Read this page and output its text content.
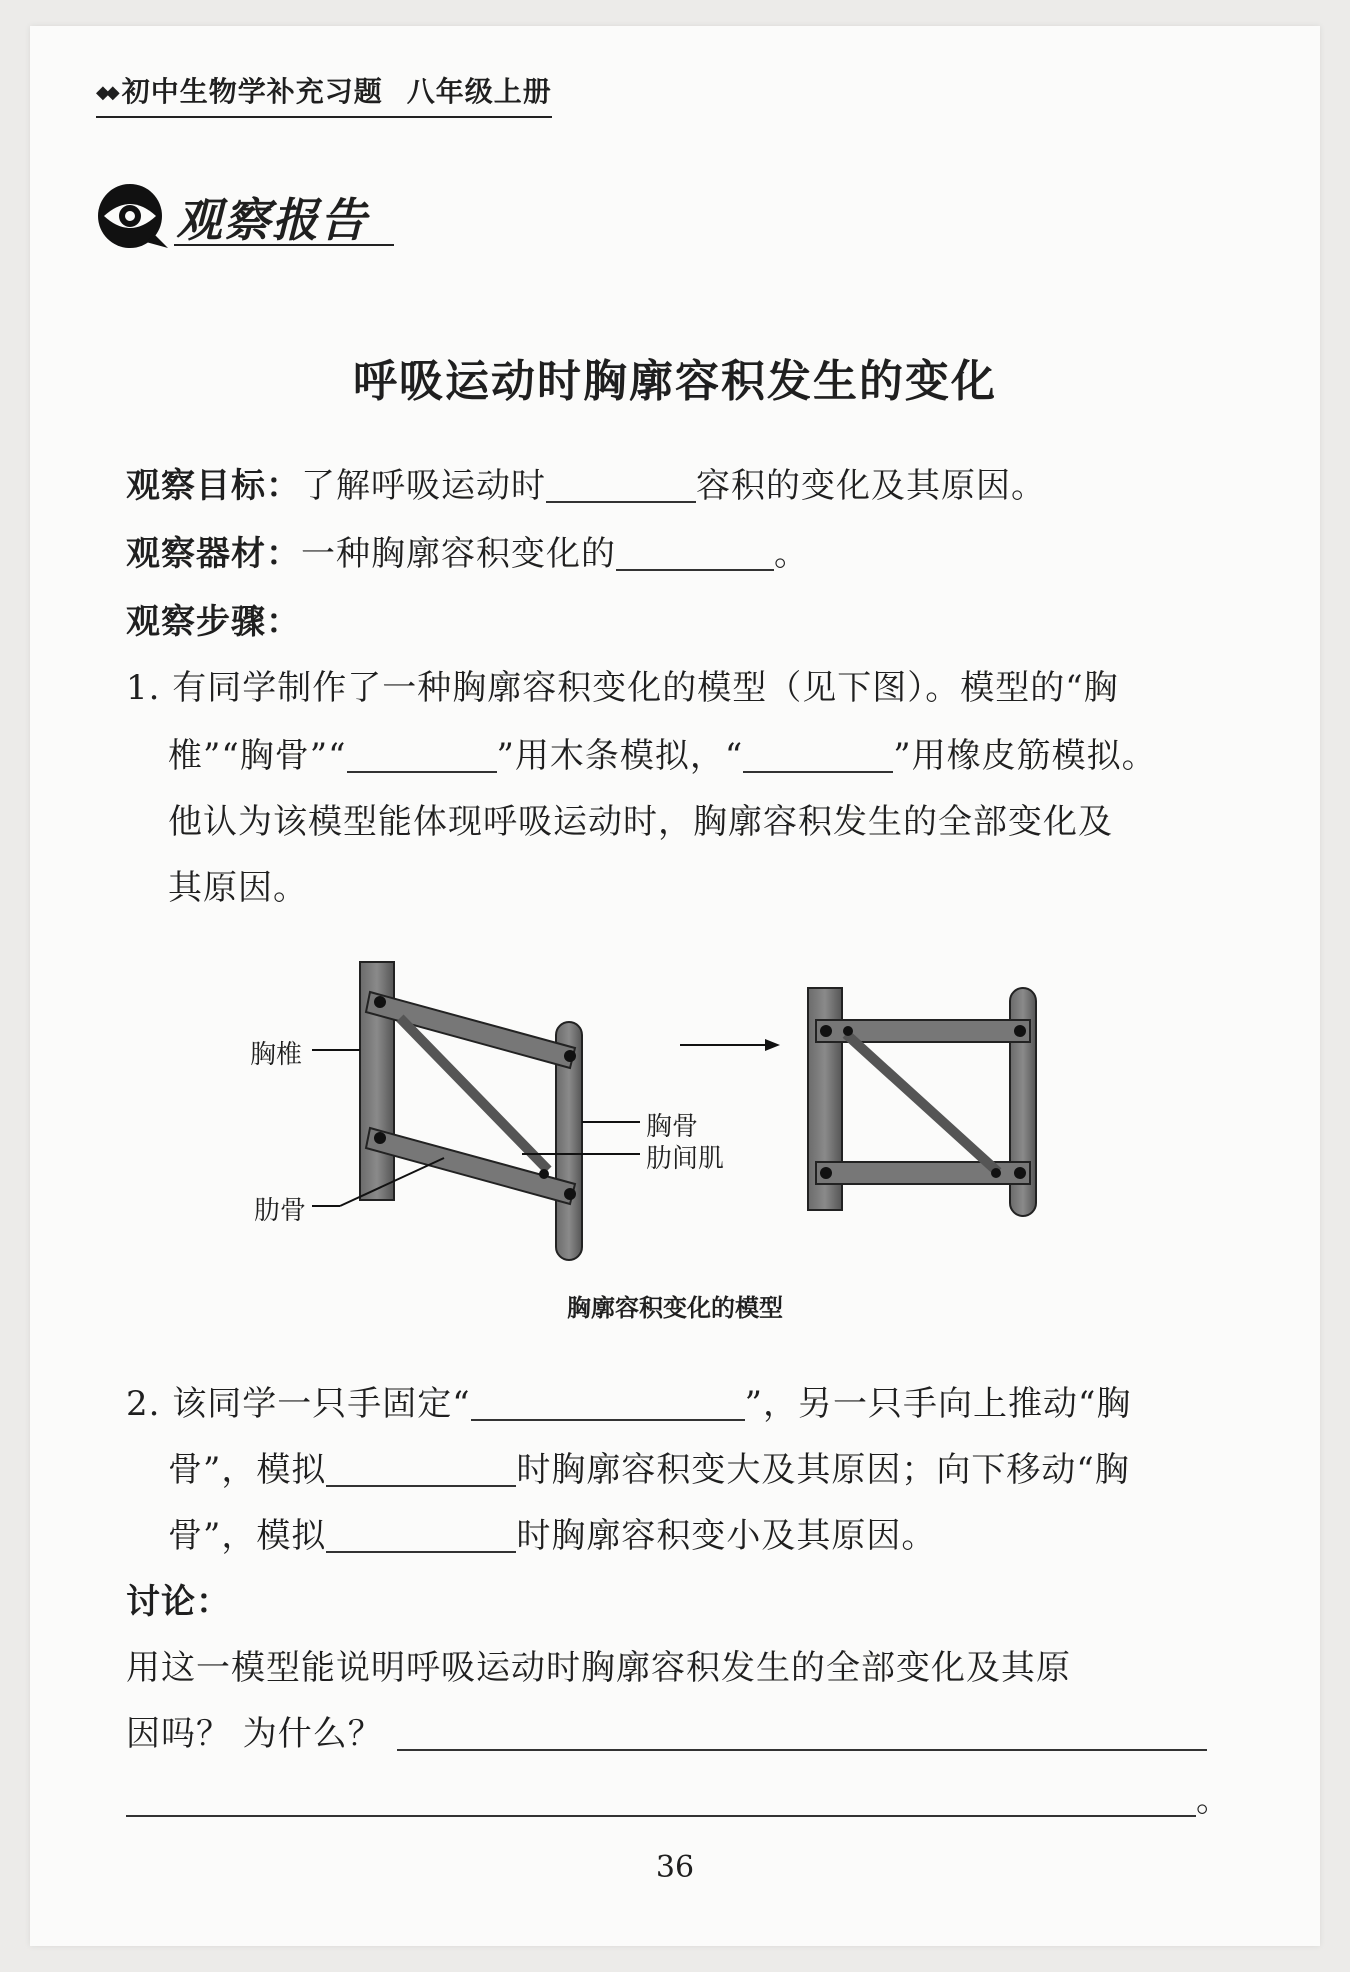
◆◆ 初中生物学补充习题 八年级上册
观察报告
呼吸运动时胸廓容积发生的变化
观察目标：了解呼吸运动时	容积的变化及其原因。
观察器材：一种胸廓容积变化的	。
观察步骤：
1. 有同学制作了一种胸廓容积变化的模型（见下图）。模型的“胸
椎”“胸骨”“	”用木条模拟，“	”用橡皮筋模拟。
他认为该模型能体现呼吸运动时，胸廓容积发生的全部变化及
其原因。
胸椎
肋骨
胸骨
肋间肌
胸廓容积变化的模型
2. 该同学一只手固定“	”，另一只手向上推动“胸
骨”，模拟	时胸廓容积变大及其原因；向下移动“胸
骨”，模拟	时胸廓容积变小及其原因。
讨论：
用这一模型能说明呼吸运动时胸廓容积发生的全部变化及其原
因吗？ 为什么？
。
36
